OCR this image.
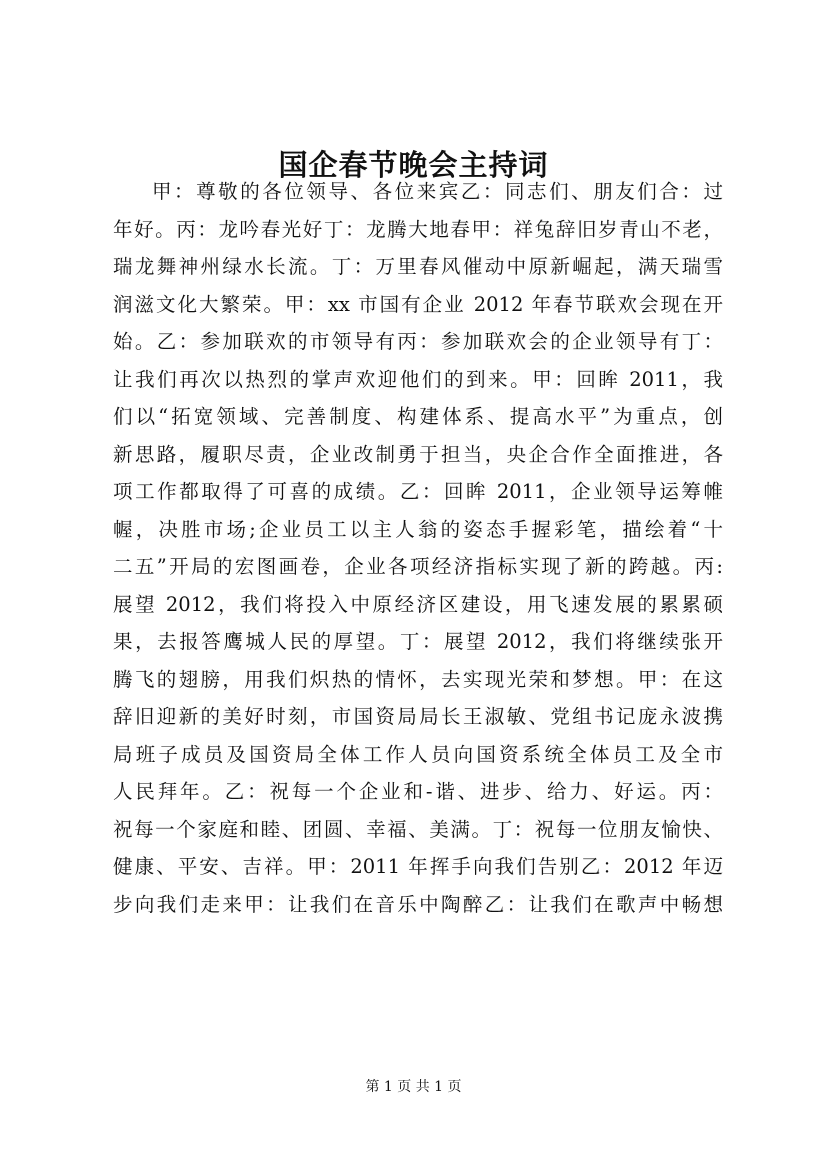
国企春节晚会主持词
甲：尊敬的各位领导、各位来宾乙：同志们、朋友们合：过
年好。丙：龙吟春光好丁：龙腾大地春甲：祥兔辞旧岁青山不老，
瑞龙舞神州绿水长流。丁：万里春风催动中原新崛起，满天瑞雪
润滋文化大繁荣。甲：xx 市国有企业 2012 年春节联欢会现在开
始。乙：参加联欢的市领导有丙：参加联欢会的企业领导有丁：
让我们再次以热烈的掌声欢迎他们的到来。甲：回眸 2011，我
们以“拓宽领域、完善制度、构建体系、提高水平”为重点，创
新思路，履职尽责，企业改制勇于担当，央企合作全面推进，各
项工作都取得了可喜的成绩。乙：回眸 2011，企业领导运筹帷
幄，决胜市场;企业员工以主人翁的姿态手握彩笔，描绘着“十
二五”开局的宏图画卷，企业各项经济指标实现了新的跨越。丙:
展望 2012，我们将投入中原经济区建设，用飞速发展的累累硕
果，去报答鹰城人民的厚望。丁：展望 2012，我们将继续张开
腾飞的翅膀，用我们炽热的情怀，去实现光荣和梦想。甲：在这
辞旧迎新的美好时刻，市国资局局长王淑敏、党组书记庞永波携
局班子成员及国资局全体工作人员向国资系统全体员工及全市
人民拜年。乙：祝每一个企业和-谐、进步、给力、好运。丙：
祝每一个家庭和睦、团圆、幸福、美满。丁：祝每一位朋友愉快、
健康、平安、吉祥。甲：2011 年挥手向我们告别乙：2012 年迈
步向我们走来甲：让我们在音乐中陶醉乙：让我们在歌声中畅想
第 1 页 共 1 页
